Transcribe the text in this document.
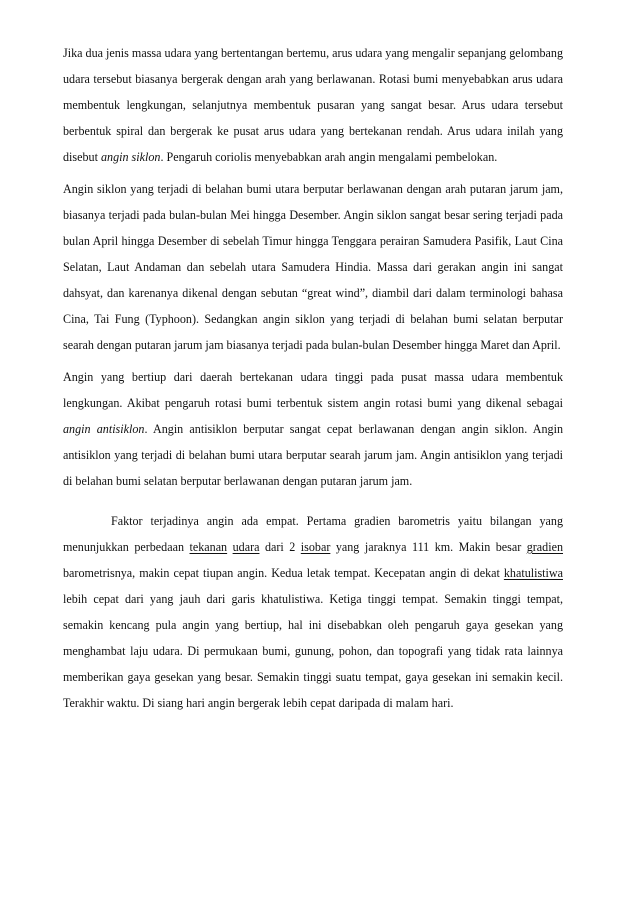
Jika dua jenis massa udara yang bertentangan bertemu, arus udara yang mengalir sepanjang gelombang udara tersebut biasanya bergerak dengan arah yang berlawanan. Rotasi bumi menyebabkan arus udara membentuk lengkungan, selanjutnya membentuk pusaran yang sangat besar. Arus udara tersebut berbentuk spiral dan bergerak ke pusat arus udara yang bertekanan rendah. Arus udara inilah yang disebut angin siklon. Pengaruh coriolis menyebabkan arah angin mengalami pembelokan.

Angin siklon yang terjadi di belahan bumi utara berputar berlawanan dengan arah putaran jarum jam, biasanya terjadi pada bulan-bulan Mei hingga Desember. Angin siklon sangat besar sering terjadi pada bulan April hingga Desember di sebelah Timur hingga Tenggara perairan Samudera Pasifik, Laut Cina Selatan, Laut Andaman dan sebelah utara Samudera Hindia. Massa dari gerakan angin ini sangat dahsyat, dan karenanya dikenal dengan sebutan “great wind”, diambil dari dalam terminologi bahasa Cina, Tai Fung (Typhoon). Sedangkan angin siklon yang terjadi di belahan bumi selatan berputar searah dengan putaran jarum jam biasanya terjadi pada bulan-bulan Desember hingga Maret dan April.

Angin yang bertiup dari daerah bertekanan udara tinggi pada pusat massa udara membentuk lengkungan. Akibat pengaruh rotasi bumi terbentuk sistem angin rotasi bumi yang dikenal sebagai angin antisiklon. Angin antisiklon berputar sangat cepat berlawanan dengan angin siklon. Angin antisiklon yang terjadi di belahan bumi utara berputar searah jarum jam. Angin antisiklon yang terjadi di belahan bumi selatan berputar berlawanan dengan putaran jarum jam.

Faktor terjadinya angin ada empat. Pertama gradien barometris yaitu bilangan yang menunjukkan perbedaan tekanan udara dari 2 isobar yang jaraknya 111 km. Makin besar gradien barometrisnya, makin cepat tiupan angin. Kedua letak tempat. Kecepatan angin di dekat khatulistiwa lebih cepat dari yang jauh dari garis khatulistiwa. Ketiga tinggi tempat. Semakin tinggi tempat, semakin kencang pula angin yang bertiup, hal ini disebabkan oleh pengaruh gaya gesekan yang menghambat laju udara. Di permukaan bumi, gunung, pohon, dan topografi yang tidak rata lainnya memberikan gaya gesekan yang besar. Semakin tinggi suatu tempat, gaya gesekan ini semakin kecil. Terakhir waktu. Di siang hari angin bergerak lebih cepat daripada di malam hari.
